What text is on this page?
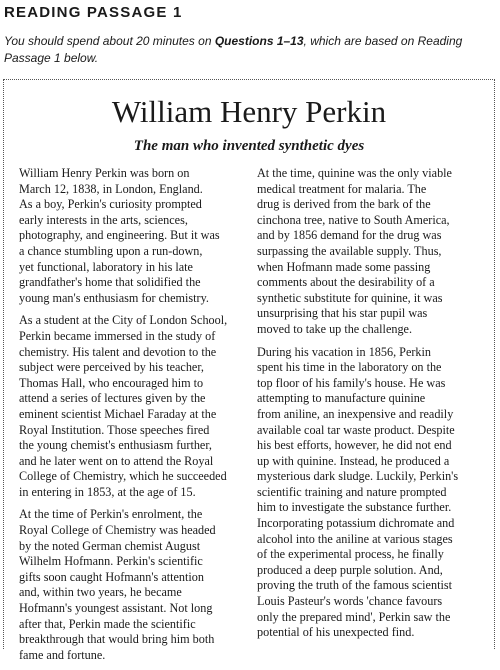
READING PASSAGE 1

You should spend about 20 minutes on Questions 1–13, which are based on Reading
Passage 1 below.

William Henry Perkin
The man who invented synthetic dyes

William Henry Perkin was born on
March 12, 1838, in London, England.
As a boy, Perkin's curiosity prompted
early interests in the arts, sciences,
photography, and engineering. But it was
a chance stumbling upon a run-down,
yet functional, laboratory in his late
grandfather's home that solidified the
young man's enthusiasm for chemistry.

As a student at the City of London School,
Perkin became immersed in the study of
chemistry. His talent and devotion to the
subject were perceived by his teacher,
Thomas Hall, who encouraged him to
attend a series of lectures given by the
eminent scientist Michael Faraday at the
Royal Institution. Those speeches fired
the young chemist's enthusiasm further,
and he later went on to attend the Royal
College of Chemistry, which he succeeded
in entering in 1853, at the age of 15.

At the time of Perkin's enrolment, the
Royal College of Chemistry was headed
by the noted German chemist August
Wilhelm Hofmann. Perkin's scientific
gifts soon caught Hofmann's attention
and, within two years, he became
Hofmann's youngest assistant. Not long
after that, Perkin made the scientific
breakthrough that would bring him both
fame and fortune.

At the time, quinine was the only viable
medical treatment for malaria. The
drug is derived from the bark of the
cinchona tree, native to South America,
and by 1856 demand for the drug was
surpassing the available supply. Thus,
when Hofmann made some passing
comments about the desirability of a
synthetic substitute for quinine, it was
unsurprising that his star pupil was
moved to take up the challenge.

During his vacation in 1856, Perkin
spent his time in the laboratory on the
top floor of his family's house. He was
attempting to manufacture quinine
from aniline, an inexpensive and readily
available coal tar waste product. Despite
his best efforts, however, he did not end
up with quinine. Instead, he produced a
mysterious dark sludge. Luckily, Perkin's
scientific training and nature prompted
him to investigate the substance further.
Incorporating potassium dichromate and
alcohol into the aniline at various stages
of the experimental process, he finally
produced a deep purple solution. And,
proving the truth of the famous scientist
Louis Pasteur's words 'chance favours
only the prepared mind', Perkin saw the
potential of his unexpected find.
